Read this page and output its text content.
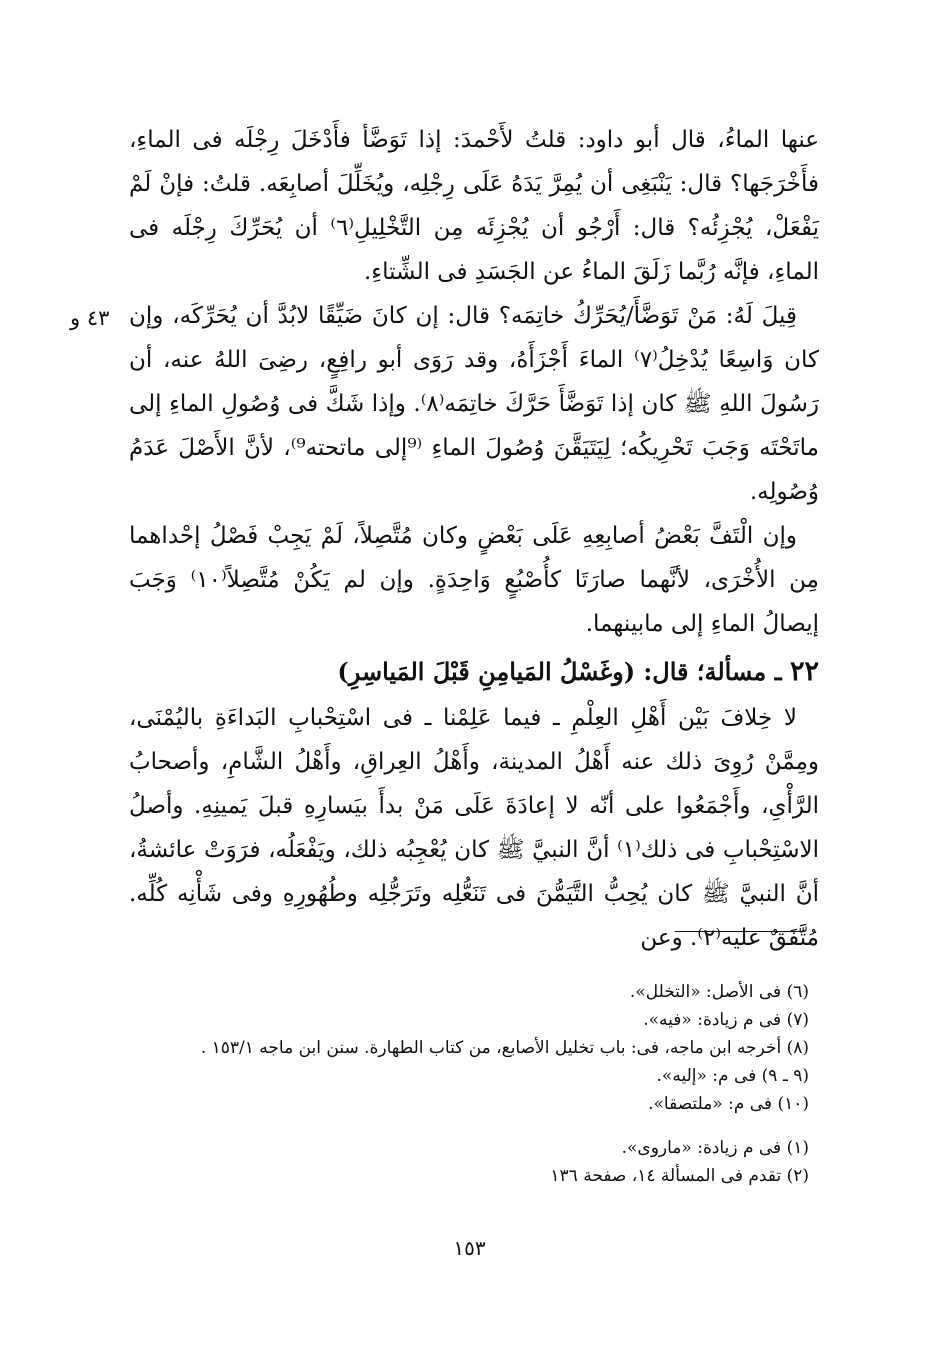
٤٣ و

عنها الماءُ، قال أبو داود: قلتُ لأَحْمدَ: إذا تَوَضَّأ فأَدْخَلَ رِجْلَه فى الماءِ، فأَخْرَجَها؟ قال: يَنْبَغِى أن يُمِرَّ يَدَهُ عَلَى رِجْلِه، ويُخَلِّلَ أصابِعَه. قلتُ: فإنْ لَمْ يَفْعَلْ، يُجْزِئُه؟ قال: أَرْجُو أن يُجْزِئَه مِن التَّخْلِيلِ⁽٦⁾ أن يُحَرِّكَ رِجْلَه فى الماءِ، فإنَّه رُبَّما زَلَقَ الماءُ عن الجَسَدِ فى الشِّتاءِ.

قِيلَ لَهُ: مَنْ تَوَضَّأَ/يُحَرِّكُ خاتِمَه؟ قال: إن كانَ ضَيِّقًا لابُدَّ أن يُحَرِّكَه، وإن كان وَاسِعًا يُدْخِلُ⁽٧⁾ الماءَ أَجْزَأَهُ، وقد رَوَى أبو رافِعٍ، رضِىَ اللهُ عنه، أن رَسُولَ اللهِ ﷺ كان إذا تَوَضَّأَ حَرَّكَ خاتِمَه⁽٨⁾. وإذا شَكَّ فى وُصُولِ الماءِ إلى ماتَحْتَه وَجَبَ تَحْرِيكُه؛ لِيَتَيَقَّنَ وُصُولَ الماءِ ⁽⁹إلى ماتحته⁹⁾، لأنَّ الأَصْلَ عَدَمُ وُصُولِه.

وإن الْتَفَّ بَعْضُ أصابِعِهِ عَلَى بَعْضٍ وكان مُتَّصِلاً، لَمْ يَجِبْ فَصْلُ إحْداهما مِن الأُخْرَى، لأنَّهما صارَتَا كأُصْبُعٍ وَاحِدَةٍ. وإن لم يَكُنْ مُتَّصِلاً⁽١٠⁾ وَجَبَ إيصالُ الماءِ إلى مابينهما.

٢٢ ـ مسألة؛ قال: (وغَسْلُ المَيامِنِ قَبْلَ المَياسِرِ)

لا خِلافَ بَيْن أَهْلِ العِلْمِ ـ فيما عَلِمْنا ـ فى اسْتِحْبابِ البَداءَةِ باليُمْنَى، ومِمَّنْ رُوِىَ ذلك عنه أَهْلُ المدينة، وأَهْلُ العِراقِ، وأَهْلُ الشَّامِ، وأصحابُ الرَّأْىِ، وأَجْمَعُوا على أنّه لا إعادَةَ عَلَى مَنْ بدأَ بيَسارِهِ قبلَ يَمينِهِ. وأصلُ الاسْتِحْبابِ فى ذلك⁽١⁾ أنَّ النبيَّ ﷺ كان يُعْجِبُه ذلك، ويَفْعَلُه، فرَوَتْ عائشةُ، أنَّ النبيَّ ﷺ كان يُحِبُّ التَّيَمُّنَ فى تَنَعُّلِه وتَرَجُّلِه وطُهُورِهِ وفى شَأْنِه كُلِّه. مُتَّفَقٌ عليه⁽٢⁾. وعن

(٦) فى الأصل: «التخلل».

(٧) فى م زيادة: «فيه».

(٨) أخرجه ابن ماجه، فى: باب تخليل الأصابع، من كتاب الطهارة. سنن ابن ماجه ١٥٣/١ .

(٩ ـ ٩) فى م: «إليه».

(١٠) فى م: «ملتصقا».

(١) فى م زيادة: «ماروى».

(٢) تقدم فى المسألة ١٤، صفحة ١٣٦

١٥٣
